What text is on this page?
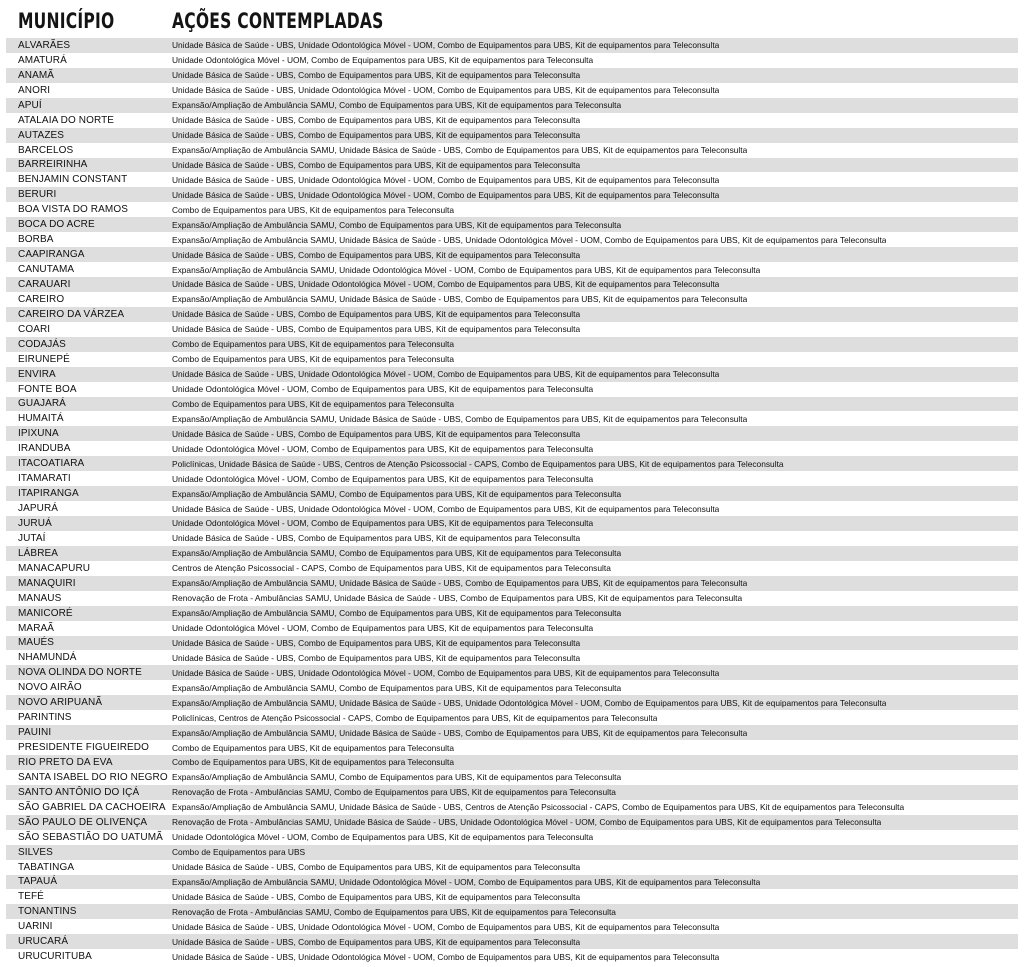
MUNICÍPIO	AÇÕES CONTEMPLADAS
ALVARÃES	Unidade Básica de Saúde - UBS, Unidade Odontológica Móvel - UOM, Combo de Equipamentos para UBS, Kit de equipamentos para Teleconsulta
AMATURÁ	Unidade Odontológica Móvel - UOM, Combo de Equipamentos para UBS, Kit de equipamentos para Teleconsulta
ANAMÃ	Unidade Básica de Saúde - UBS, Combo de Equipamentos para UBS, Kit de equipamentos para Teleconsulta
ANORI	Unidade Básica de Saúde - UBS, Unidade Odontológica Móvel - UOM, Combo de Equipamentos para UBS, Kit de equipamentos para Teleconsulta
APUÍ	Expansão/Ampliação de Ambulância SAMU, Combo de Equipamentos para UBS, Kit de equipamentos para Teleconsulta
ATALAIA DO NORTE	Unidade Básica de Saúde - UBS, Combo de Equipamentos para UBS, Kit de equipamentos para Teleconsulta
AUTAZES	Unidade Básica de Saúde - UBS, Combo de Equipamentos para UBS, Kit de equipamentos para Teleconsulta
BARCELOS	Expansão/Ampliação de Ambulância SAMU, Unidade Básica de Saúde - UBS, Combo de Equipamentos para UBS, Kit de equipamentos para Teleconsulta
BARREIRINHA	Unidade Básica de Saúde - UBS, Combo de Equipamentos para UBS, Kit de equipamentos para Teleconsulta
BENJAMIN CONSTANT	Unidade Básica de Saúde - UBS, Unidade Odontológica Móvel - UOM, Combo de Equipamentos para UBS, Kit de equipamentos para Teleconsulta
BERURI	Unidade Básica de Saúde - UBS, Unidade Odontológica Móvel - UOM, Combo de Equipamentos para UBS, Kit de equipamentos para Teleconsulta
BOA VISTA DO RAMOS	Combo de Equipamentos para UBS, Kit de equipamentos para Teleconsulta
BOCA DO ACRE	Expansão/Ampliação de Ambulância SAMU, Combo de Equipamentos para UBS, Kit de equipamentos para Teleconsulta
BORBA	Expansão/Ampliação de Ambulância SAMU, Unidade Básica de Saúde - UBS, Unidade Odontológica Móvel - UOM, Combo de Equipamentos para UBS, Kit de equipamentos para Teleconsulta
CAAPIRANGA	Unidade Básica de Saúde - UBS, Combo de Equipamentos para UBS, Kit de equipamentos para Teleconsulta
CANUTAMA	Expansão/Ampliação de Ambulância SAMU, Unidade Odontológica Móvel - UOM, Combo de Equipamentos para UBS, Kit de equipamentos para Teleconsulta
CARAUARI	Unidade Básica de Saúde - UBS, Unidade Odontológica Móvel - UOM, Combo de Equipamentos para UBS, Kit de equipamentos para Teleconsulta
CAREIRO	Expansão/Ampliação de Ambulância SAMU, Unidade Básica de Saúde - UBS, Combo de Equipamentos para UBS, Kit de equipamentos para Teleconsulta
CAREIRO DA VÁRZEA	Unidade Básica de Saúde - UBS, Combo de Equipamentos para UBS, Kit de equipamentos para Teleconsulta
COARI	Unidade Básica de Saúde - UBS, Combo de Equipamentos para UBS, Kit de equipamentos para Teleconsulta
CODAJÁS	Combo de Equipamentos para UBS, Kit de equipamentos para Teleconsulta
EIRUNEPÉ	Combo de Equipamentos para UBS, Kit de equipamentos para Teleconsulta
ENVIRA	Unidade Básica de Saúde - UBS, Unidade Odontológica Móvel - UOM, Combo de Equipamentos para UBS, Kit de equipamentos para Teleconsulta
FONTE BOA	Unidade Odontológica Móvel - UOM, Combo de Equipamentos para UBS, Kit de equipamentos para Teleconsulta
GUAJARÁ	Combo de Equipamentos para UBS, Kit de equipamentos para Teleconsulta
HUMAITÁ	Expansão/Ampliação de Ambulância SAMU, Unidade Básica de Saúde - UBS, Combo de Equipamentos para UBS, Kit de equipamentos para Teleconsulta
IPIXUNA	Unidade Básica de Saúde - UBS, Combo de Equipamentos para UBS, Kit de equipamentos para Teleconsulta
IRANDUBA	Unidade Odontológica Móvel - UOM, Combo de Equipamentos para UBS, Kit de equipamentos para Teleconsulta
ITACOATIARA	Policlínicas, Unidade Básica de Saúde - UBS, Centros de Atenção Psicossocial - CAPS, Combo de Equipamentos para UBS, Kit de equipamentos para Teleconsulta
ITAMARATI	Unidade Odontológica Móvel - UOM, Combo de Equipamentos para UBS, Kit de equipamentos para Teleconsulta
ITAPIRANGA	Expansão/Ampliação de Ambulância SAMU, Combo de Equipamentos para UBS, Kit de equipamentos para Teleconsulta
JAPURÁ	Unidade Básica de Saúde - UBS, Unidade Odontológica Móvel - UOM, Combo de Equipamentos para UBS, Kit de equipamentos para Teleconsulta
JURUÁ	Unidade Odontológica Móvel - UOM, Combo de Equipamentos para UBS, Kit de equipamentos para Teleconsulta
JUTAÍ	Unidade Básica de Saúde - UBS, Combo de Equipamentos para UBS, Kit de equipamentos para Teleconsulta
LÁBREA	Expansão/Ampliação de Ambulância SAMU, Combo de Equipamentos para UBS, Kit de equipamentos para Teleconsulta
MANACAPURU	Centros de Atenção Psicossocial - CAPS, Combo de Equipamentos para UBS, Kit de equipamentos para Teleconsulta
MANAQUIRI	Expansão/Ampliação de Ambulância SAMU, Unidade Básica de Saúde - UBS, Combo de Equipamentos para UBS, Kit de equipamentos para Teleconsulta
MANAUS	Renovação de Frota - Ambulâncias SAMU, Unidade Básica de Saúde - UBS, Combo de Equipamentos para UBS, Kit de equipamentos para Teleconsulta
MANICORÉ	Expansão/Ampliação de Ambulância SAMU, Combo de Equipamentos para UBS, Kit de equipamentos para Teleconsulta
MARAÃ	Unidade Odontológica Móvel - UOM, Combo de Equipamentos para UBS, Kit de equipamentos para Teleconsulta
MAUÉS	Unidade Básica de Saúde - UBS, Combo de Equipamentos para UBS, Kit de equipamentos para Teleconsulta
NHAMUNDÁ	Unidade Básica de Saúde - UBS, Combo de Equipamentos para UBS, Kit de equipamentos para Teleconsulta
NOVA OLINDA DO NORTE	Unidade Básica de Saúde - UBS, Unidade Odontológica Móvel - UOM, Combo de Equipamentos para UBS, Kit de equipamentos para Teleconsulta
NOVO AIRÃO	Expansão/Ampliação de Ambulância SAMU, Combo de Equipamentos para UBS, Kit de equipamentos para Teleconsulta
NOVO ARIPUANÃ	Expansão/Ampliação de Ambulância SAMU, Unidade Básica de Saúde - UBS, Unidade Odontológica Móvel - UOM, Combo de Equipamentos para UBS, Kit de equipamentos para Teleconsulta
PARINTINS	Policlínicas, Centros de Atenção Psicossocial - CAPS, Combo de Equipamentos para UBS, Kit de equipamentos para Teleconsulta
PAUINI	Expansão/Ampliação de Ambulância SAMU, Unidade Básica de Saúde - UBS, Combo de Equipamentos para UBS, Kit de equipamentos para Teleconsulta
PRESIDENTE FIGUEIREDO	Combo de Equipamentos para UBS, Kit de equipamentos para Teleconsulta
RIO PRETO DA EVA	Combo de Equipamentos para UBS, Kit de equipamentos para Teleconsulta
SANTA ISABEL DO RIO NEGRO Expansão/Ampliação de Ambulância SAMU, Combo de Equipamentos para UBS, Kit de equipamentos para Teleconsulta
SANTO ANTÔNIO DO IÇÁ	Renovação de Frota - Ambulâncias SAMU, Combo de Equipamentos para UBS, Kit de equipamentos para Teleconsulta
SÃO GABRIEL DA CACHOEIRA Expansão/Ampliação de Ambulância SAMU, Unidade Básica de Saúde - UBS, Centros de Atenção Psicossocial - CAPS, Combo de Equipamentos para UBS, Kit de equipamentos para Teleconsulta
SÃO PAULO DE OLIVENÇA	Renovação de Frota - Ambulâncias SAMU, Unidade Básica de Saúde - UBS, Unidade Odontológica Móvel - UOM, Combo de Equipamentos para UBS, Kit de equipamentos para Teleconsulta
SÃO SEBASTIÃO DO UATUMÃ	Unidade Odontológica Móvel - UOM, Combo de Equipamentos para UBS, Kit de equipamentos para Teleconsulta
SILVES	Combo de Equipamentos para UBS
TABATINGA	Unidade Básica de Saúde - UBS, Combo de Equipamentos para UBS, Kit de equipamentos para Teleconsulta
TAPAUÁ	Expansão/Ampliação de Ambulância SAMU, Unidade Odontológica Móvel - UOM, Combo de Equipamentos para UBS, Kit de equipamentos para Teleconsulta
TEFÉ	Unidade Básica de Saúde - UBS, Combo de Equipamentos para UBS, Kit de equipamentos para Teleconsulta
TONANTINS	Renovação de Frota - Ambulâncias SAMU, Combo de Equipamentos para UBS, Kit de equipamentos para Teleconsulta
UARINI	Unidade Básica de Saúde - UBS, Unidade Odontológica Móvel - UOM, Combo de Equipamentos para UBS, Kit de equipamentos para Teleconsulta
URUCARÁ	Unidade Básica de Saúde - UBS, Combo de Equipamentos para UBS, Kit de equipamentos para Teleconsulta
URUCURITUBA	Unidade Básica de Saúde - UBS, Unidade Odontológica Móvel - UOM, Combo de Equipamentos para UBS, Kit de equipamentos para Teleconsulta
